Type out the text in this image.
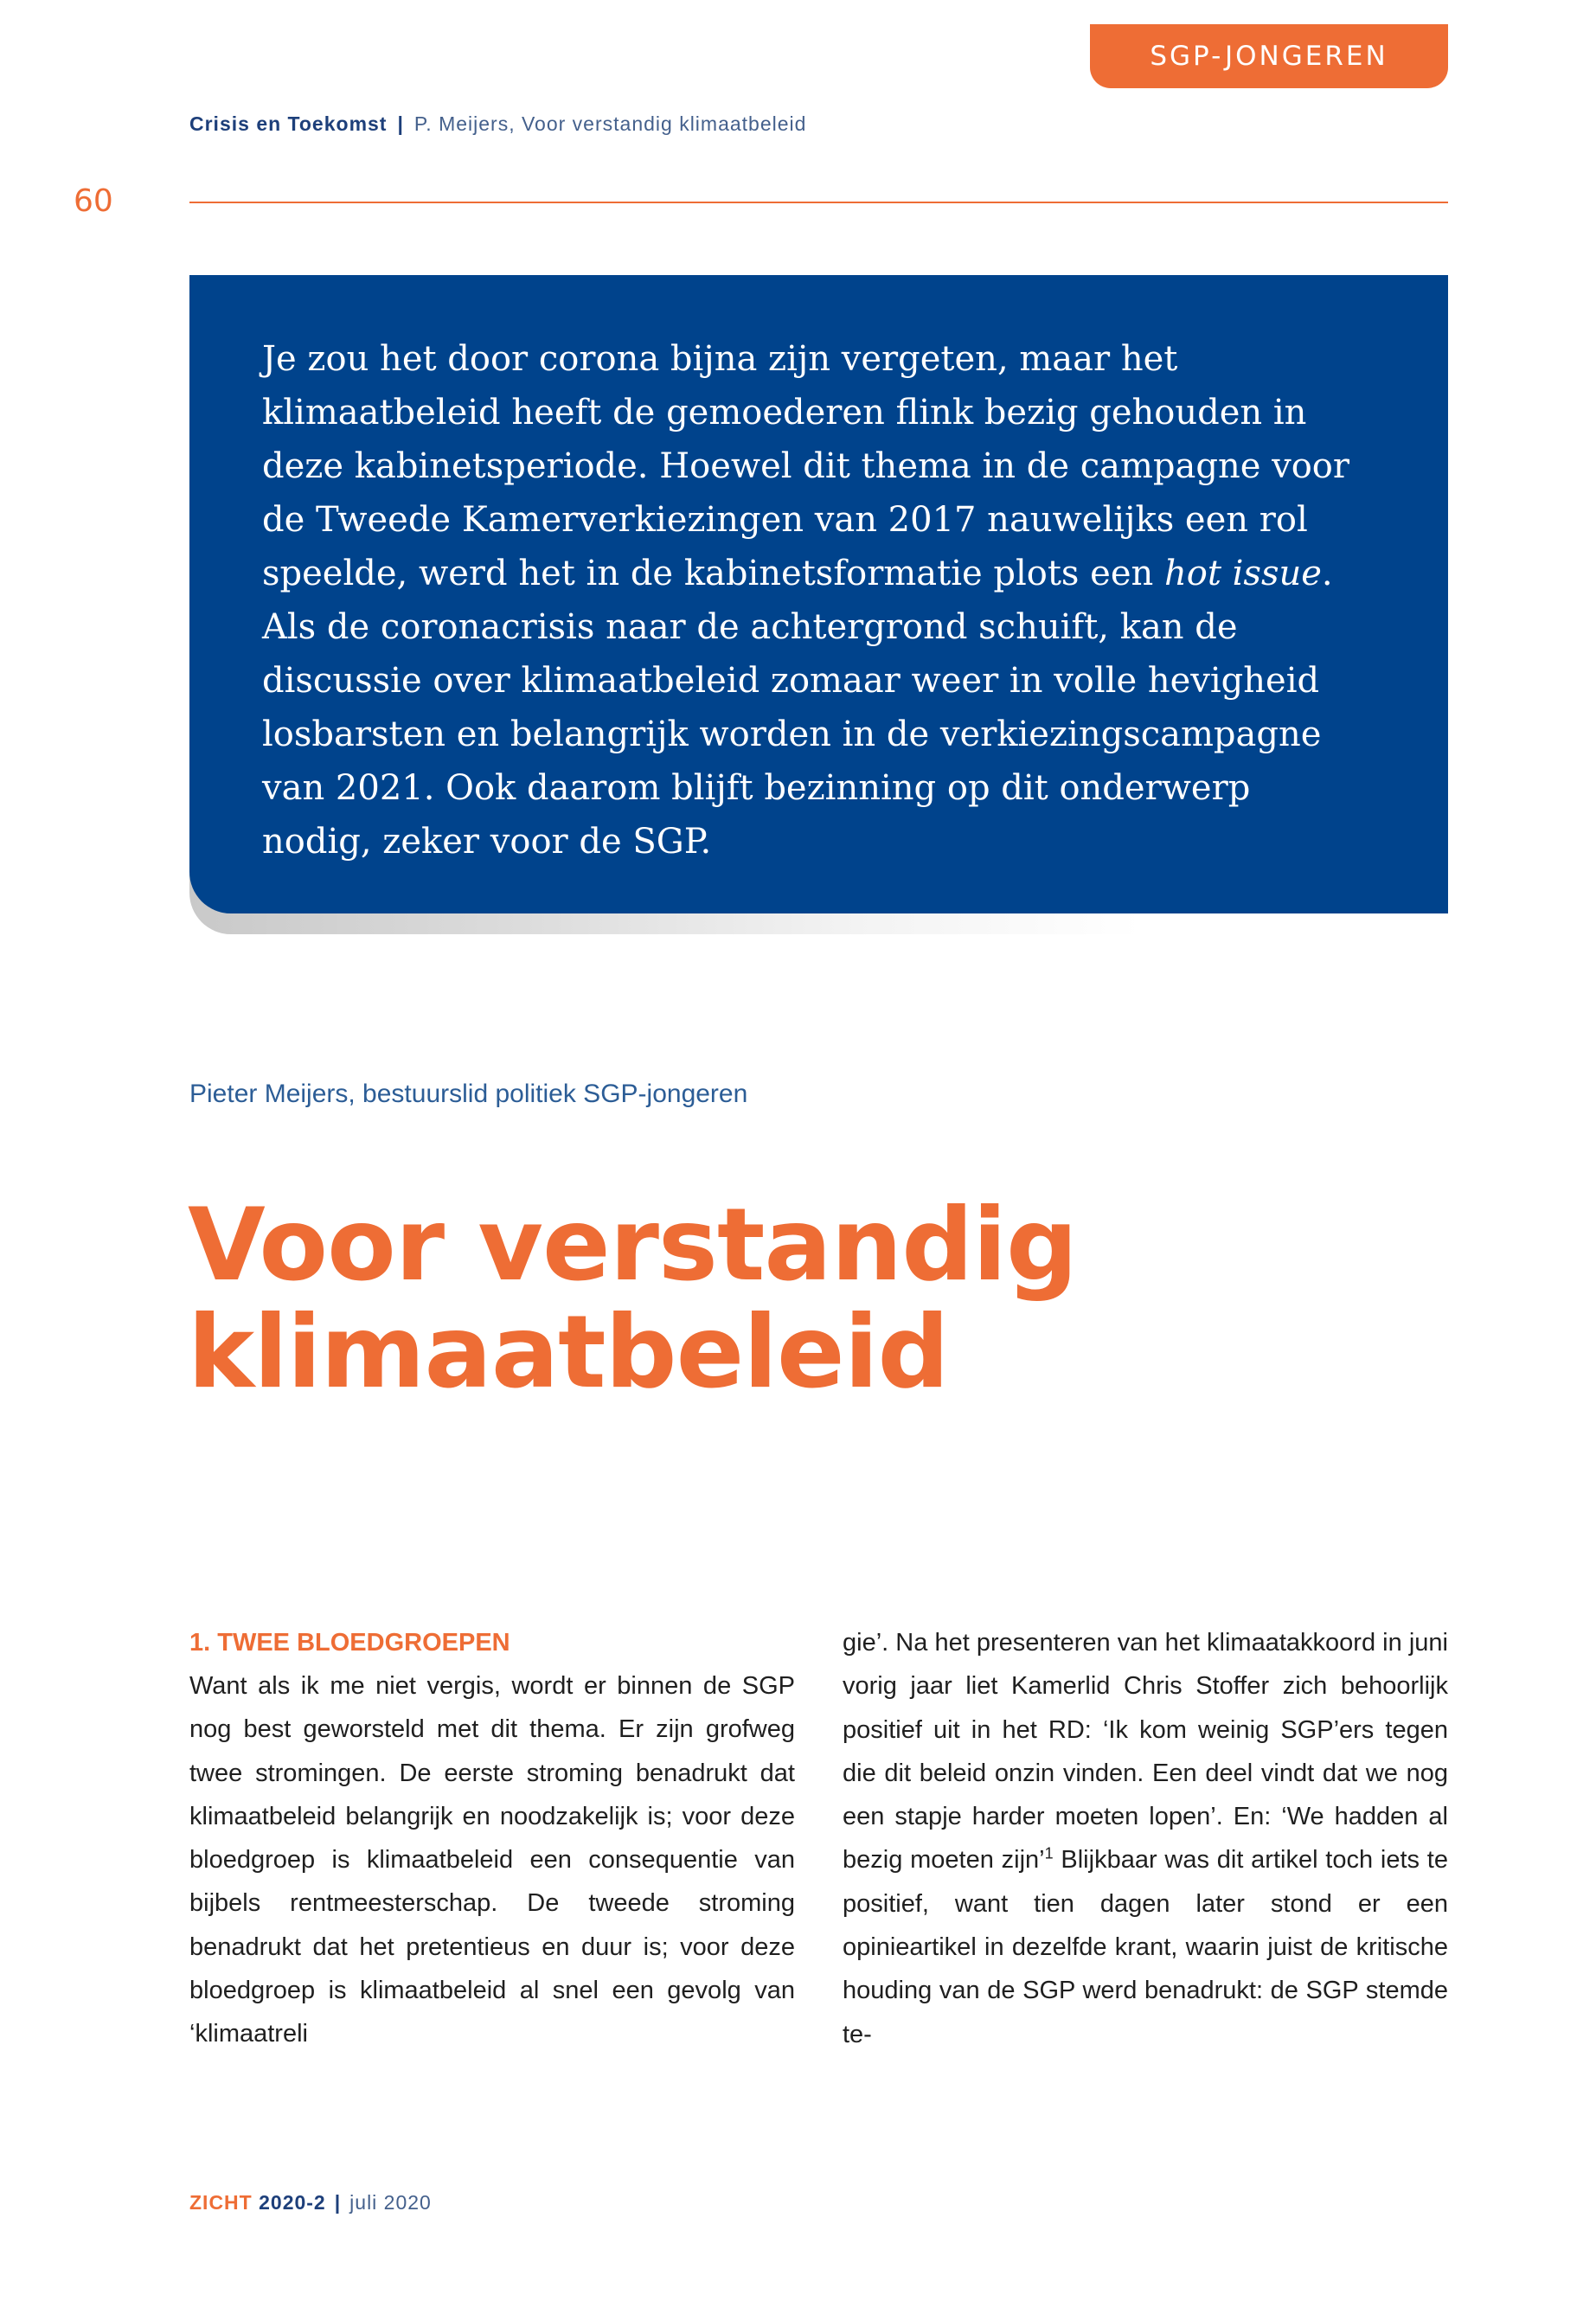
SGP-JONGEREN
Crisis en Toekomst | P. Meijers, Voor verstandig klimaatbeleid
60

Je zou het door corona bijna zijn vergeten, maar het klimaatbeleid heeft de gemoederen flink bezig gehouden in deze kabinetsperiode. Hoewel dit thema in de campagne voor de Tweede Kamerverkiezingen van 2017 nauwelijks een rol speelde, werd het in de kabinetsformatie plots een hot issue. Als de coronacrisis naar de achtergrond schuift, kan de discussie over klimaatbeleid zomaar weer in volle hevigheid losbarsten en belangrijk worden in de verkiezingscampagne van 2021. Ook daarom blijft bezinning op dit onderwerp nodig, zeker voor de SGP.

Pieter Meijers, bestuurslid politiek SGP-jongeren
Voor verstandig
klimaatbeleid
1. TWEE BLOEDGROEPEN

Want als ik me niet vergis, wordt er binnen de SGP nog best geworsteld met dit thema. Er zijn grofweg twee stromingen. De eerste stroming benadrukt dat klimaatbeleid belangrijk en noodzakelijk is; voor deze bloedgroep is klimaatbeleid een consequentie van bijbels rentmeesterschap. De tweede stroming benadrukt dat het pretentieus en duur is; voor deze bloedgroep is klimaatbeleid al snel een gevolg van ‘klimaatreli

gie’. Na het presenteren van het klimaatakkoord in juni vorig jaar liet Kamerlid Chris Stoffer zich behoorlijk positief uit in het RD: ‘Ik kom weinig SGP’ers tegen die dit beleid onzin vinden. Een deel vindt dat we nog een stapje harder moeten lopen’. En: ‘We hadden al bezig moeten zijn’$^1$ Blijkbaar was dit artikel toch iets te positief, want tien dagen later stond er een opinieartikel in dezelfde krant, waarin juist de kritische houding van de SGP werd benadrukt: de SGP stemde te-

ZICHT 2020-2 | juli 2020
